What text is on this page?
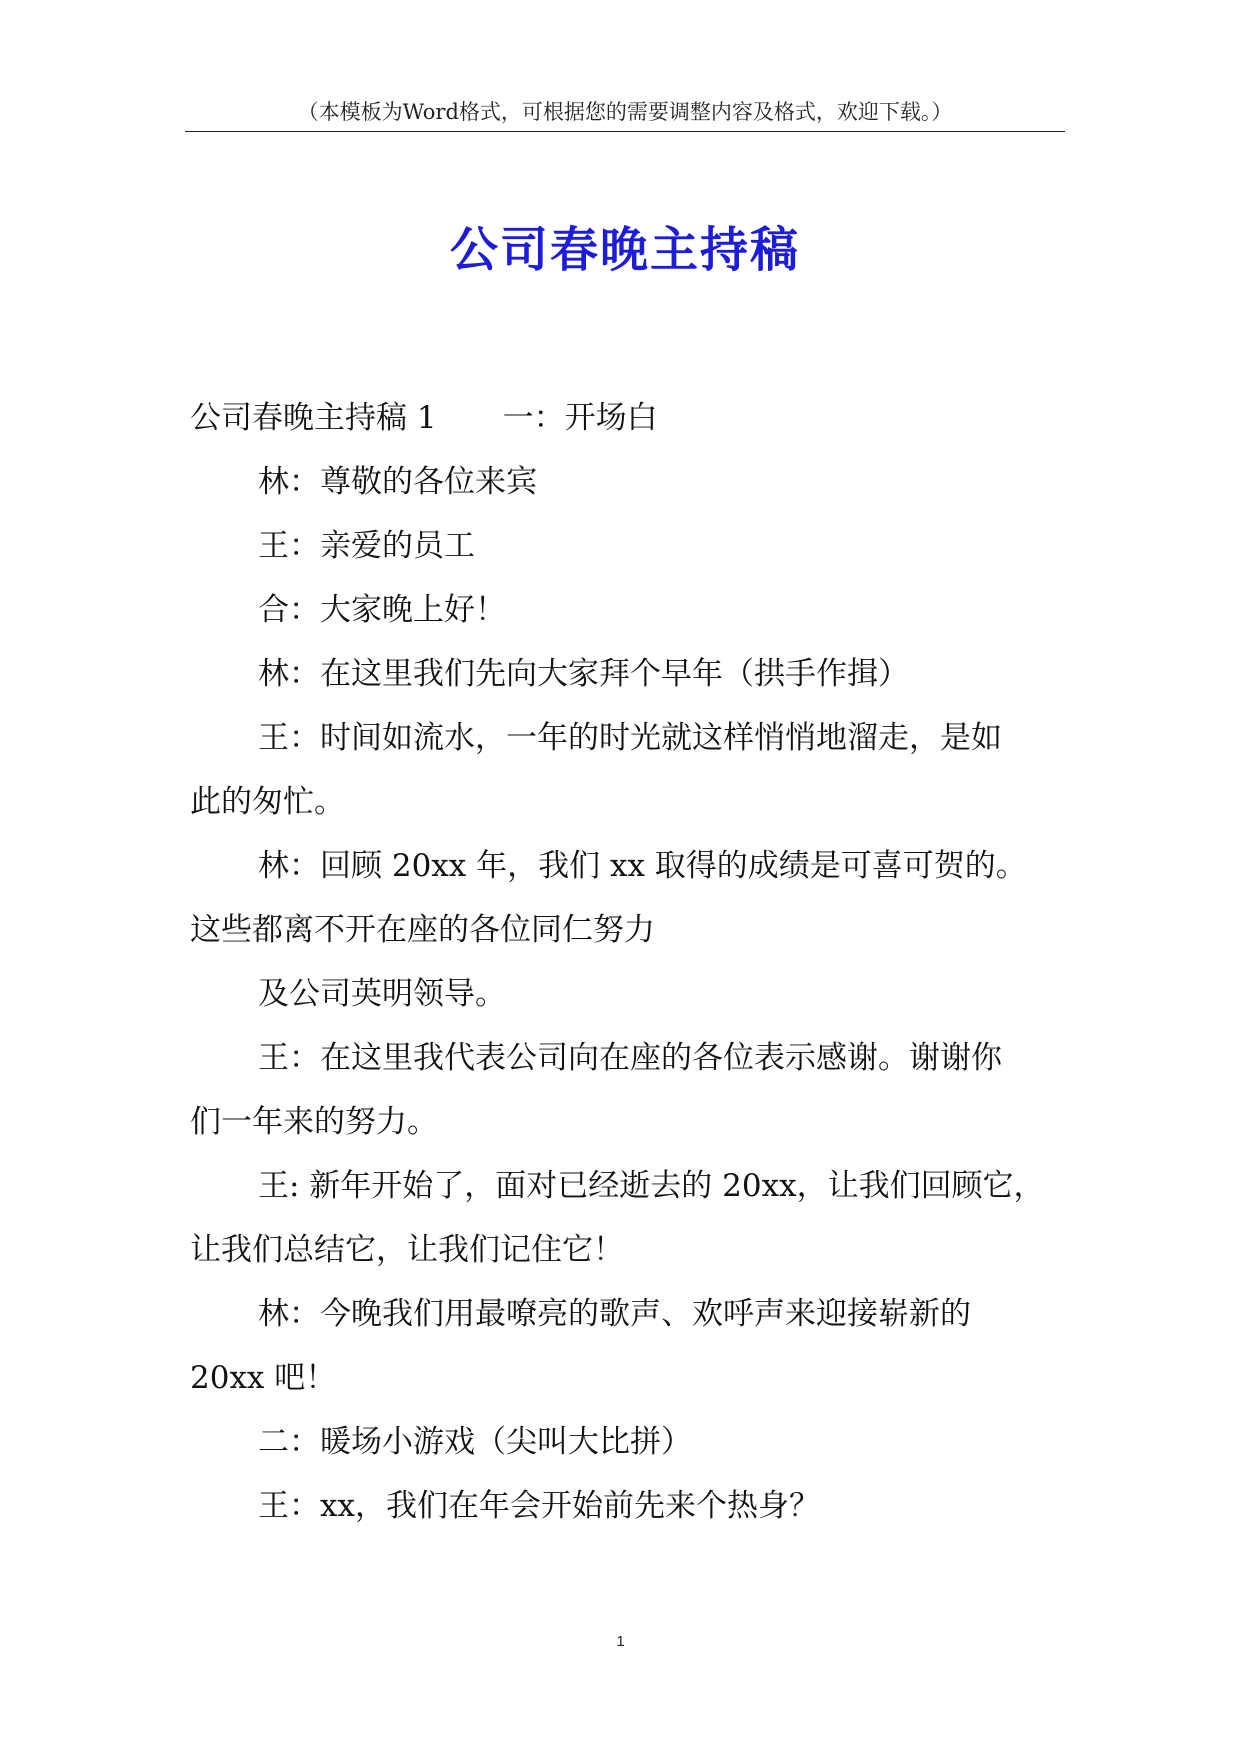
（本模板为Word格式，可根据您的需要调整内容及格式，欢迎下载。）
公司春晚主持稿
公司春晚主持稿 1 一：开场白
林：尊敬的各位来宾
王：亲爱的员工
合：大家晚上好！
林：在这里我们先向大家拜个早年（拱手作揖）
王：时间如流水，一年的时光就这样悄悄地溜走，是如
此的匆忙。
林：回顾 20xx 年，我们 xx 取得的成绩是可喜可贺的。
这些都离不开在座的各位同仁努力
及公司英明领导。
王：在这里我代表公司向在座的各位表示感谢。谢谢你
们一年来的努力。
王: 新年开始了，面对已经逝去的 20xx，让我们回顾它，
让我们总结它，让我们记住它！
林：今晚我们用最嘹亮的歌声、欢呼声来迎接崭新的
20xx 吧！
二：暖场小游戏（尖叫大比拼）
王：xx，我们在年会开始前先来个热身？
1
